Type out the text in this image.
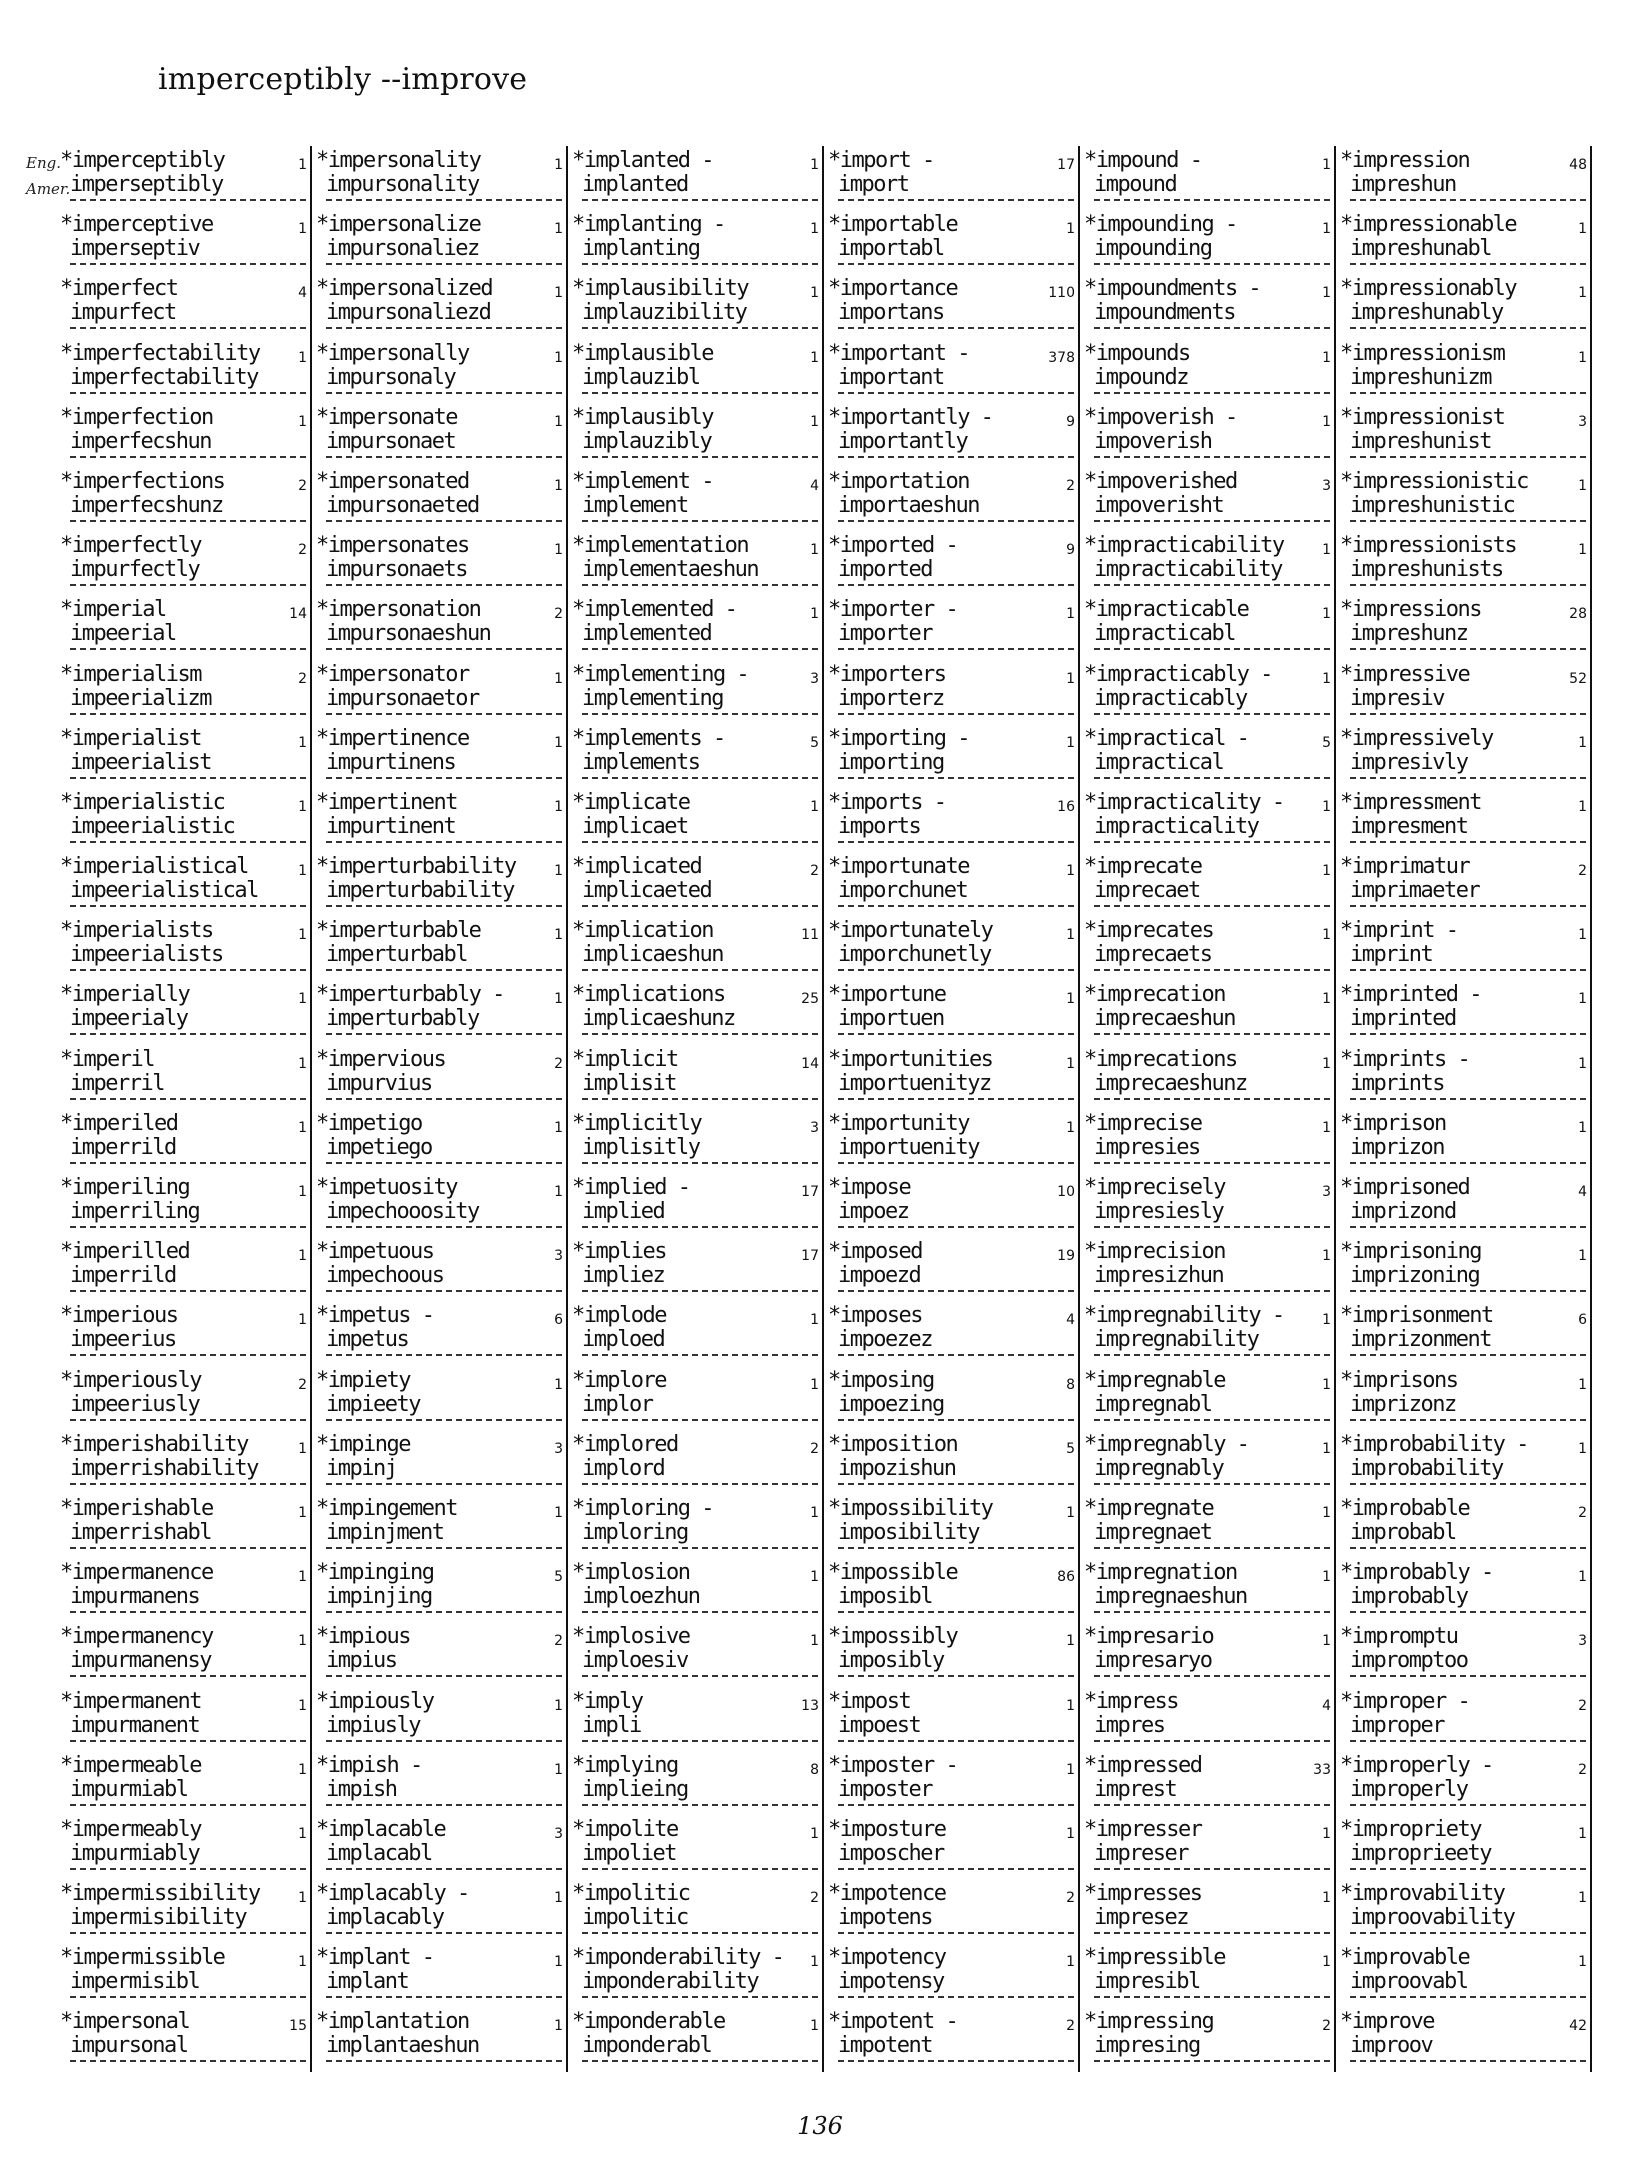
imperceptibly --improve
Eng.
Amer.
*imperceptibly	1
imperseptibly
*imperceptive	1
imperseptiv
*imperfect	4
impurfect
*imperfectability	1
imperfectability
*imperfection	1
imperfecshun
*imperfections	2
imperfecshunz
*imperfectly	2
impurfectly
*imperial	14
impeerial
*imperialism	2
impeerializm
*imperialist	1
impeerialist
*imperialistic	1
impeerialistic
*imperialistical	1
impeerialistical
*imperialists	1
impeerialists
*imperially	1
impeerialy
*imperil	1
imperril
*imperiled	1
imperrild
*imperiling	1
imperriling
*imperilled	1
imperrild
*imperious	1
impeerius
*imperiously	2
impeeriusly
*imperishability	1
imperrishability
*imperishable	1
imperrishabl
*impermanence	1
impurmanens
*impermanency	1
impurmanensy
*impermanent	1
impurmanent
*impermeable	1
impurmiabl
*impermeably	1
impurmiably
*impermissibility	1
impermisibility
*impermissible	1
impermisibl
*impersonal	15
impursonal
*impersonality	1
impursonality
*impersonalize	1
impursonaliez
*impersonalized	1
impursonaliezd
*impersonally	1
impursonaly
*impersonate	1
impursonaet
*impersonated	1
impursonaeted
*impersonates	1
impursonaets
*impersonation	2
impursonaeshun
*impersonator	1
impursonaetor
*impertinence	1
impurtinens
*impertinent	1
impurtinent
*imperturbability	1
imperturbability
*imperturbable	1
imperturbabl
*imperturbably -	1
imperturbably
*impervious	2
impurvius
*impetigo	1
impetiego
*impetuosity	1
impechooosity
*impetuous	3
impechoous
*impetus -	6
impetus
*impiety	1
impieety
*impinge	3
impinj
*impingement	1
impinjment
*impinging	5
impinjing
*impious	2
impius
*impiously	1
impiusly
*impish -	1
impish
*implacable	3
implacabl
*implacably -	1
implacably
*implant -	1
implant
*implantation	1
implantaeshun
*implanted -	1
implanted
*implanting -	1
implanting
*implausibility	1
implauzibility
*implausible	1
implauzibl
*implausibly	1
implauzibly
*implement -	4
implement
*implementation	1
implementaeshun
*implemented -	1
implemented
*implementing -	3
implementing
*implements -	5
implements
*implicate	1
implicaet
*implicated	2
implicaeted
*implication	11
implicaeshun
*implications	25
implicaeshunz
*implicit	14
implisit
*implicitly	3
implisitly
*implied -	17
implied
*implies	17
impliez
*implode	1
imploed
*implore	1
implor
*implored	2
implord
*imploring -	1
imploring
*implosion	1
imploezhun
*implosive	1
imploesiv
*imply	13
impli
*implying	8
implieing
*impolite	1
impoliet
*impolitic	2
impolitic
*imponderability - 1
imponderability
*imponderable	1
imponderabl
*import -	17
import
*importable	1
importabl
*importance	110
importans
*important -	378
important
*importantly -	9
importantly
*importation	2
importaeshun
*imported -	9
imported
*importer -	1
importer
*importers	1
importerz
*importing -	1
importing
*imports -	16
imports
*importunate	1
imporchunet
*importunately	1
imporchunetly
*importune	1
importuen
*importunities	1
importuenityz
*importunity	1
importuenity
*impose	10
impoez
*imposed	19
impoezd
*imposes	4
impoezez
*imposing	8
impoezing
*imposition	5
impozishun
*impossibility	1
imposibility
*impossible	86
imposibl
*impossibly	1
imposibly
*impost	1
impoest
*imposter -	1
imposter
*imposture	1
imposcher
*impotence	2
impotens
*impotency	1
impotensy
*impotent -	2
impotent
*impound -	1
impound
*impounding -	1
impounding
*impoundments -	1
impoundments
*impounds	1
impoundz
*impoverish -	1
impoverish
*impoverished	3
impoverisht
*impracticability	1
impracticability
*impracticable	1
impracticabl
*impracticably -	1
impracticably
*impractical -	5
impractical
*impracticality -	1
impracticality
*imprecate	1
imprecaet
*imprecates	1
imprecaets
*imprecation	1
imprecaeshun
*imprecations	1
imprecaeshunz
*imprecise	1
impresies
*imprecisely	3
impresiesly
*imprecision	1
impresizhun
*impregnability -	1
impregnability
*impregnable	1
impregnabl
*impregnably -	1
impregnably
*impregnate	1
impregnaet
*impregnation	1
impregnaeshun
*impresario	1
impresaryo
*impress	4
impres
*impressed	33
imprest
*impresser	1
impreser
*impresses	1
impresez
*impressible	1
impresibl
*impressing	2
impresing
*impression	48
impreshun
*impressionable	1
impreshunabl
*impressionably	1
impreshunably
*impressionism	1
impreshunizm
*impressionist	3
impreshunist
*impressionistic	1
impreshunistic
*impressionists	1
impreshunists
*impressions	28
impreshunz
*impressive	52
impresiv
*impressively	1
impresivly
*impressment	1
impresment
*imprimatur	2
imprimaeter
*imprint -	1
imprint
*imprinted -	1
imprinted
*imprints -	1
imprints
*imprison	1
imprizon
*imprisoned	4
imprizond
*imprisoning	1
imprizoning
*imprisonment	6
imprizonment
*imprisons	1
imprizonz
*improbability -	1
improbability
*improbable	2
improbabl
*improbably -	1
improbably
*impromptu	3
impromptoo
*improper -	2
improper
*improperly -	2
improperly
*impropriety	1
improprieety
*improvability	1
improovability
*improvable	1
improovabl
*improve	42
improov
136
